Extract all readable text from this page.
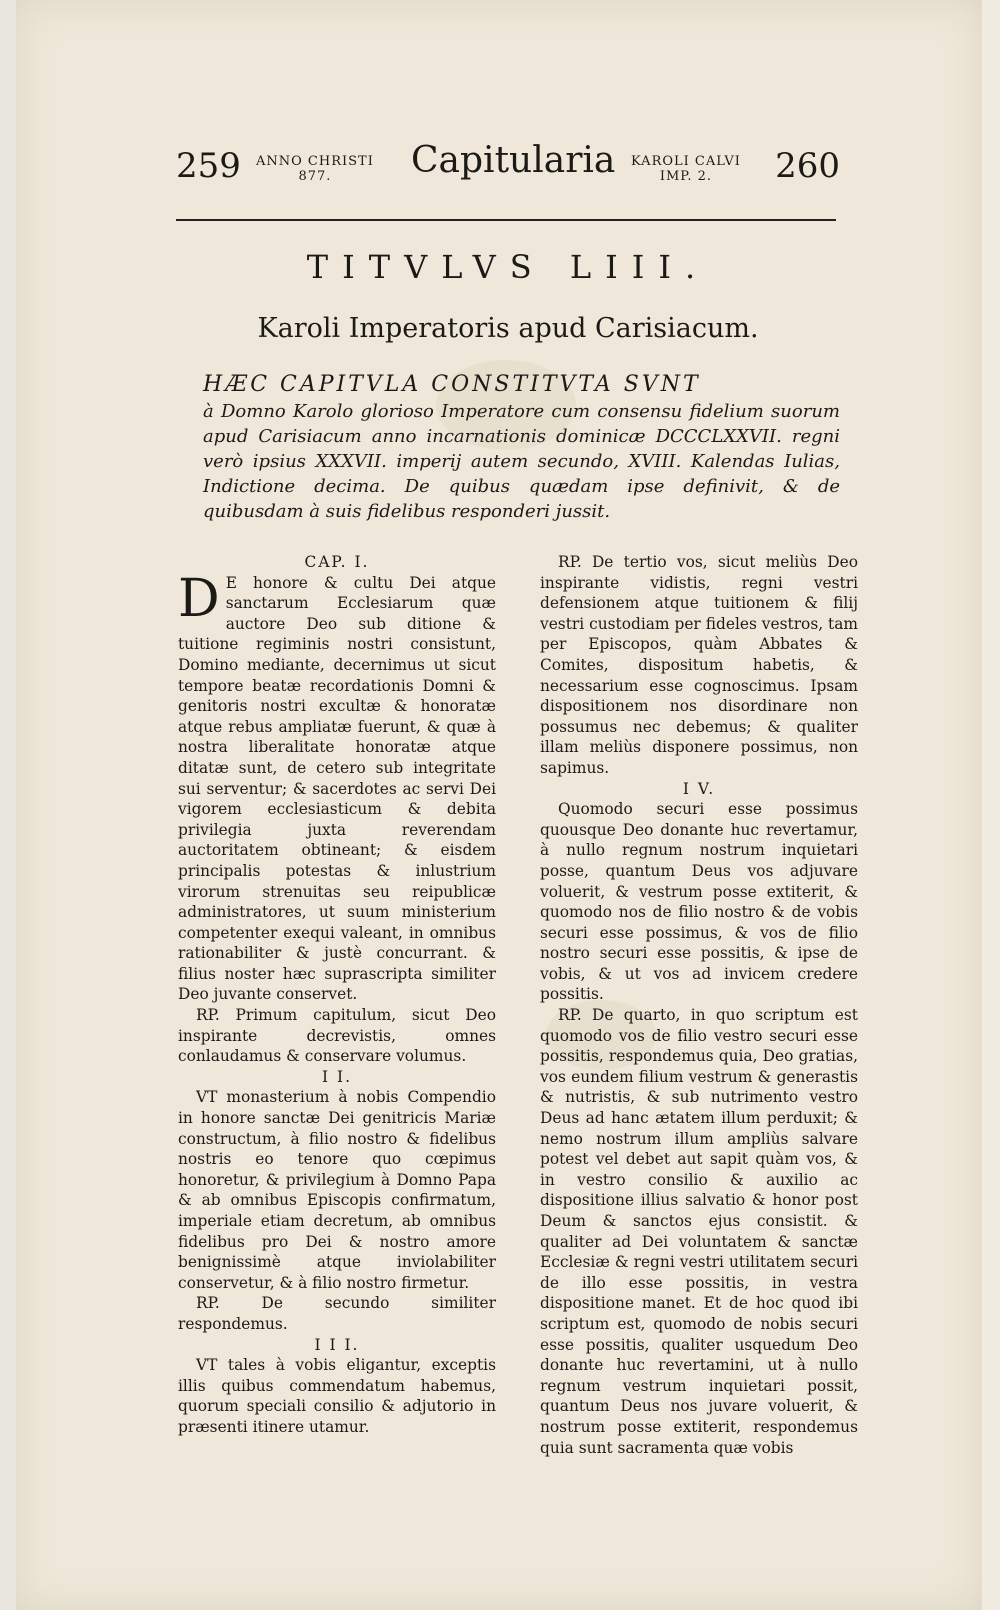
259 ANNO CHRISTI
877.	Capitularia KAROLI CALVI
IMP. 2.	260
TITVLVS LIII.
Karoli Imperatoris apud Carisiacum.
HÆC CAPITVLA CONSTITVTA SVNT
à Domno Karolo glorioso Imperatore cum consensu fidelium suorum apud Carisiacum anno incarnationis dominicæ DCCCLXXVII. regni verò ipsius XXXVII. imperij autem secundo, XVIII. Kalendas Iulias, Indictione decima. De quibus quædam ipse definivit, & de quibusdam à suis fidelibus responderi jussit.

CAP. I.

D E honore & cultu Dei atque sanctarum Ecclesiarum quæ auctore Deo sub ditione & tuitione regiminis nostri consistunt, Domino mediante, decernimus ut sicut tempore beatæ recordationis Domni & genitoris nostri excultæ & honoratæ atque rebus ampliatæ fuerunt, & quæ à nostra liberalitate honoratæ atque ditatæ sunt, de cetero sub integritate sui serventur; & sacerdotes ac servi Dei vigorem ecclesiasticum & debita privilegia juxta reverendam auctoritatem obtineant; & eisdem principalis potestas & inlustrium virorum strenuitas seu reipublicæ administratores, ut suum ministerium competenter exequi valeant, in omnibus rationabiliter & justè concurrant. & filius noster hæc suprascripta similiter Deo juvante conservet.

RP. Primum capitulum, sicut Deo inspirante decrevistis, omnes conlaudamus & conservare volumus.

I I.

VT monasterium à nobis Compendio in honore sanctæ Dei genitricis Mariæ constructum, à filio nostro & fidelibus nostris eo tenore quo cœpimus honoretur, & privilegium à Domno Papa & ab omnibus Episcopis confirmatum, imperiale etiam decretum, ab omnibus fidelibus pro Dei & nostro amore benignissimè atque inviolabiliter conservetur, & à filio nostro firmetur.

RP. De secundo similiter respondemus.

I I I.

VT tales à vobis eligantur, exceptis illis quibus commendatum habemus, quorum speciali consilio & adjutorio in præsenti itinere utamur.

RP. De tertio vos, sicut meliùs Deo inspirante vidistis, regni vestri defensionem atque tuitionem & filij vestri custodiam per fideles vestros, tam per Episcopos, quàm Abbates & Comites, dispositum habetis, & necessarium esse cognoscimus. Ipsam dispositionem nos disordinare non possumus nec debemus; & qualiter illam meliùs disponere possimus, non sapimus.

I V.

Quomodo securi esse possimus quousque Deo donante huc revertamur, à nullo regnum nostrum inquietari posse, quantum Deus vos adjuvare voluerit, & vestrum posse extiterit, & quomodo nos de filio nostro & de vobis securi esse possimus, & vos de filio nostro securi esse possitis, & ipse de vobis, & ut vos ad invicem credere possitis.

RP. De quarto, in quo scriptum est quomodo vos de filio vestro securi esse possitis, respondemus quia, Deo gratias, vos eundem filium vestrum & generastis & nutristis, & sub nutrimento vestro Deus ad hanc ætatem illum perduxit; & nemo nostrum illum ampliùs salvare potest vel debet aut sapit quàm vos, & in vestro consilio & auxilio ac dispositione illius salvatio & honor post Deum & sanctos ejus consistit. & qualiter ad Dei voluntatem & sanctæ Ecclesiæ & regni vestri utilitatem securi de illo esse possitis, in vestra dispositione manet. Et de hoc quod ibi scriptum est, quomodo de nobis securi esse possitis, qualiter usquedum Deo donante huc revertamini, ut à nullo regnum vestrum inquietari possit, quantum Deus nos juvare voluerit, & nostrum posse extiterit, respondemus quia sunt sacramenta quæ vobis
